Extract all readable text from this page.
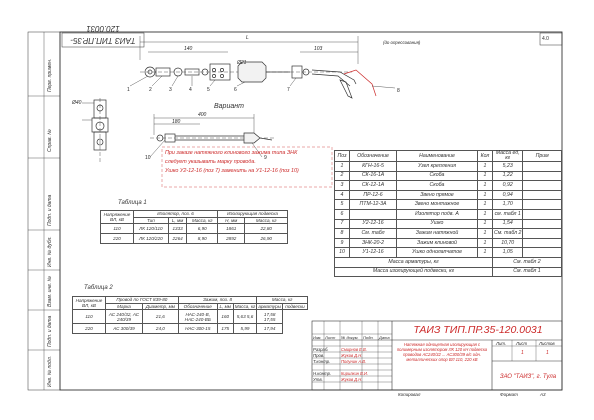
ТАИЗ ТИП.ПР.35-120.0031
4.0
L
(до опрессования)
140	103
Ø21
Ø40
400
180
Вариант
1	2	3	4	5	6	7	8
9
10
При заказе натяжного клинового зажима типа ЗНК
следует указывать марку провода.
Ушко У2-12-16 (поз 7) заменить на У1-12-16 (поз 10)
Поз	Обозначение	Наименование	Кол	Масса ед, кг	Прим
1	КГН-16-5	Узел крепления	1	5,23	
2	СК-16-1А	Скоба	1	1,22	
3	СК-12-1А	Скоба	1	0,92	
4	ПР-12-6	Звено прямое	1	0,94	
5	ПТМ-12-3А	Звено монтажное	1	1,70	
6		Изолятор подв. А	1	см. табл 1	
7	У2-12-16	Ушко	1	1,54	
8	См. табл	Зажим натяжной	1	См. табл 2	
9	ЗНК-20-2	Зажим клиновой	1	10,70	
10	У1-12-16	Ушко однолапчатое	1	1,05	
Масса арматуры, кг				См. табл 2	
Масса изолирующей подвески, кг				См. табл 1	
Таблица 1
Напряжение ВЛ, кВ	Изолятор, поз. 6			Изолирующая подвеска	
	Тип	L, мм	Масса, кг	Н, мм	Масса, кг
110	ЛК 120/110	1333	6,90	1861	22,80
220	ЛК 120/220	2264	8,90	2892	26,90
Таблица 2
Напряжение ВЛ, кВ	Провод по ГОСТ 839-80		Зажим, поз. 8			Масса, кг	
	Марка	Диаметр, мм	Обозначение	L, мм	Масса, кг	арматуры	подвески
110	АС 240/32, АС 240/39	21,6	НАС-240-В, НАС-240-ВБ	160	5,63 5,6	17,58 17,55	
220	АС 300/39	24,0	НАС-300-15	175	5,99	17,94		ТАИЗ ТИП.ПР.35-120.0031
Натяжная одноцепная изолирующая с полимерным изолятором ЛК 120 кН подвеска проводов АС240/32 ... АС300/39 в/с одн. металлических опор ВЛ 110, 220 кВ
Изм. Лист № докум. Подп. Дата
Разраб.
Пров.
Т.контр.
Н.контр.
Утв.
Смирнов Е.В.
Жуков Д.Н.
Полунин А.В.
Кирилкин В.И.
Жуков Д.Н.
Лит. Лист	Листов
1	1
ЗАО "ТАИЗ", г. Тула
Копировал	Формат	А3
Перв. примен.
Справ. №
Подп. и дата
Инв. № дубл.
Взам. инв. №
Подп. и дата
Инв. № подл.
